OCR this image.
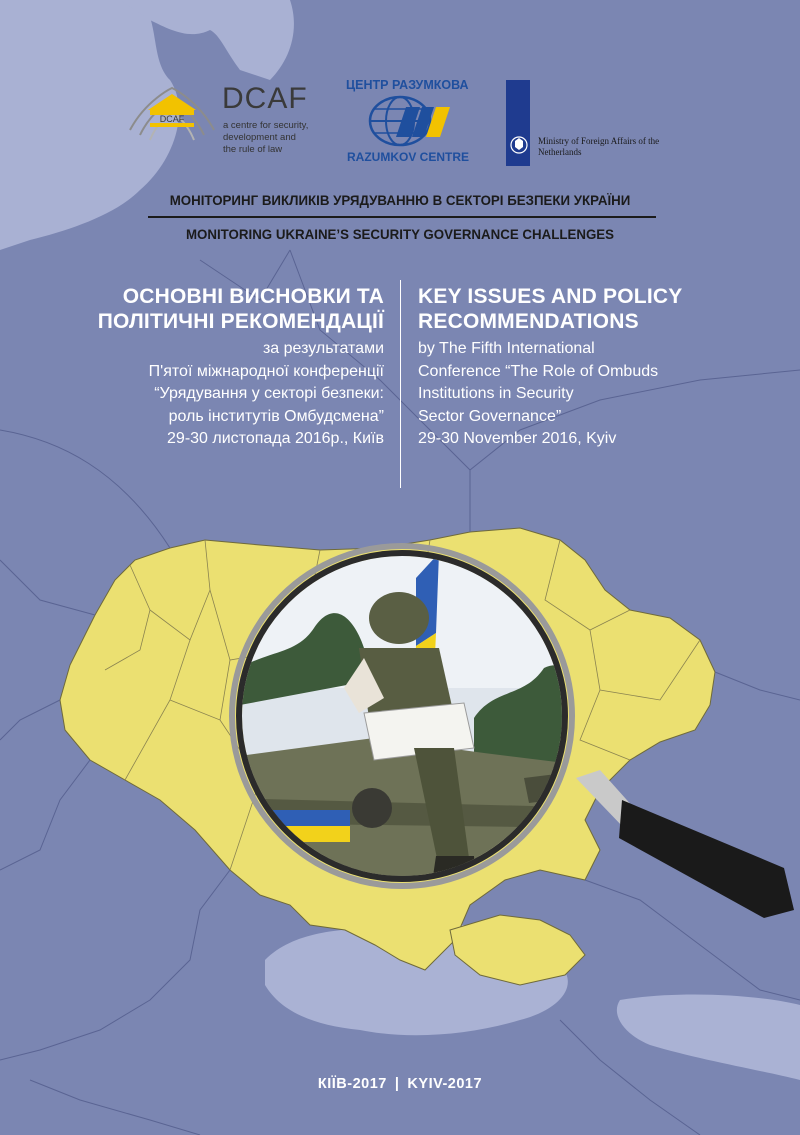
DCAF
DCAF
a centre for security,
development and
the rule of law
ЦЕНТР РАЗУМКОВА
RAZUMKOV CENTRE
Ministry of Foreign Affairs of the Netherlands
МОНІТОРИНГ ВИКЛИКІВ УРЯДУВАННЮ В СЕКТОРІ БЕЗПЕКИ УКРАЇНИ
MONITORING UKRAINE’S SECURITY GOVERNANCE CHALLENGES
ОСНОВНІ ВИСНОВКИ ТА
ПОЛІТИЧНІ РЕКОМЕНДАЦІЇ
за результатами
П'ятої міжнародної конференції
“Урядування у секторі безпеки:
роль інститутів Омбудсмена”
29-30 листопада 2016р., Київ
KEY ISSUES AND POLICY
RECOMMENDATIONS
by The Fifth International
Conference “The Role of Ombuds
Institutions in Security
Sector Governance”
29-30 November 2016, Kyiv
КІЇВ-2017 | KYIV-2017
